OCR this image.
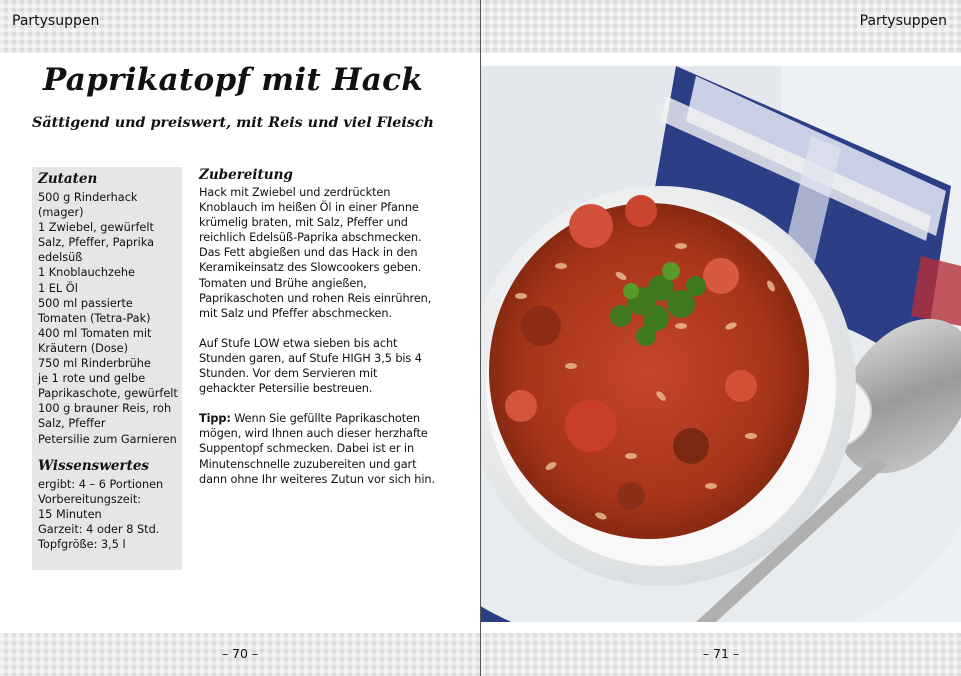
Partysuppen
Paprikatopf mit Hack
Sättigend und preiswert, mit Reis und viel Fleisch
Zutaten
500 g Rinderhack
(mager)
1 Zwiebel, gewürfelt
Salz, Pfeffer, Paprika
edelsüß
1 Knoblauchzehe
1 EL Öl
500 ml passierte
Tomaten (Tetra-Pak)
400 ml Tomaten mit
Kräutern (Dose)
750 ml Rinderbrühe
je 1 rote und gelbe
Paprikaschote, gewürfelt
100 g brauner Reis, roh
Salz, Pfeffer
Petersilie zum Garnieren
Wissenswertes
ergibt: 4 – 6 Portionen
Vorbereitungszeit:
15 Minuten
Garzeit: 4 oder 8 Std.
Topfgröße: 3,5 l
Zubereitung
Hack mit Zwiebel und zerdrückten
Knoblauch im heißen Öl in einer Pfanne
krümelig braten, mit Salz, Pfeffer und
reichlich Edelsüß-Paprika abschmecken.
Das Fett abgießen und das Hack in den
Keramikeinsatz des Slowcookers geben.
Tomaten und Brühe angießen,
Paprikaschoten und rohen Reis einrühren,
mit Salz und Pfeffer abschmecken.
Auf Stufe LOW etwa sieben bis acht
Stunden garen, auf Stufe HIGH 3,5 bis 4
Stunden. Vor dem Servieren mit
gehackter Petersilie bestreuen.
Tipp: Wenn Sie gefüllte Paprikaschoten
mögen, wird Ihnen auch dieser herzhafte
Suppentopf schmecken. Dabei ist er in
Minutenschnelle zuzubereiten und gart
dann ohne Ihr weiteres Zutun vor sich hin.
– 70 –
Partysuppen
– 71 –
